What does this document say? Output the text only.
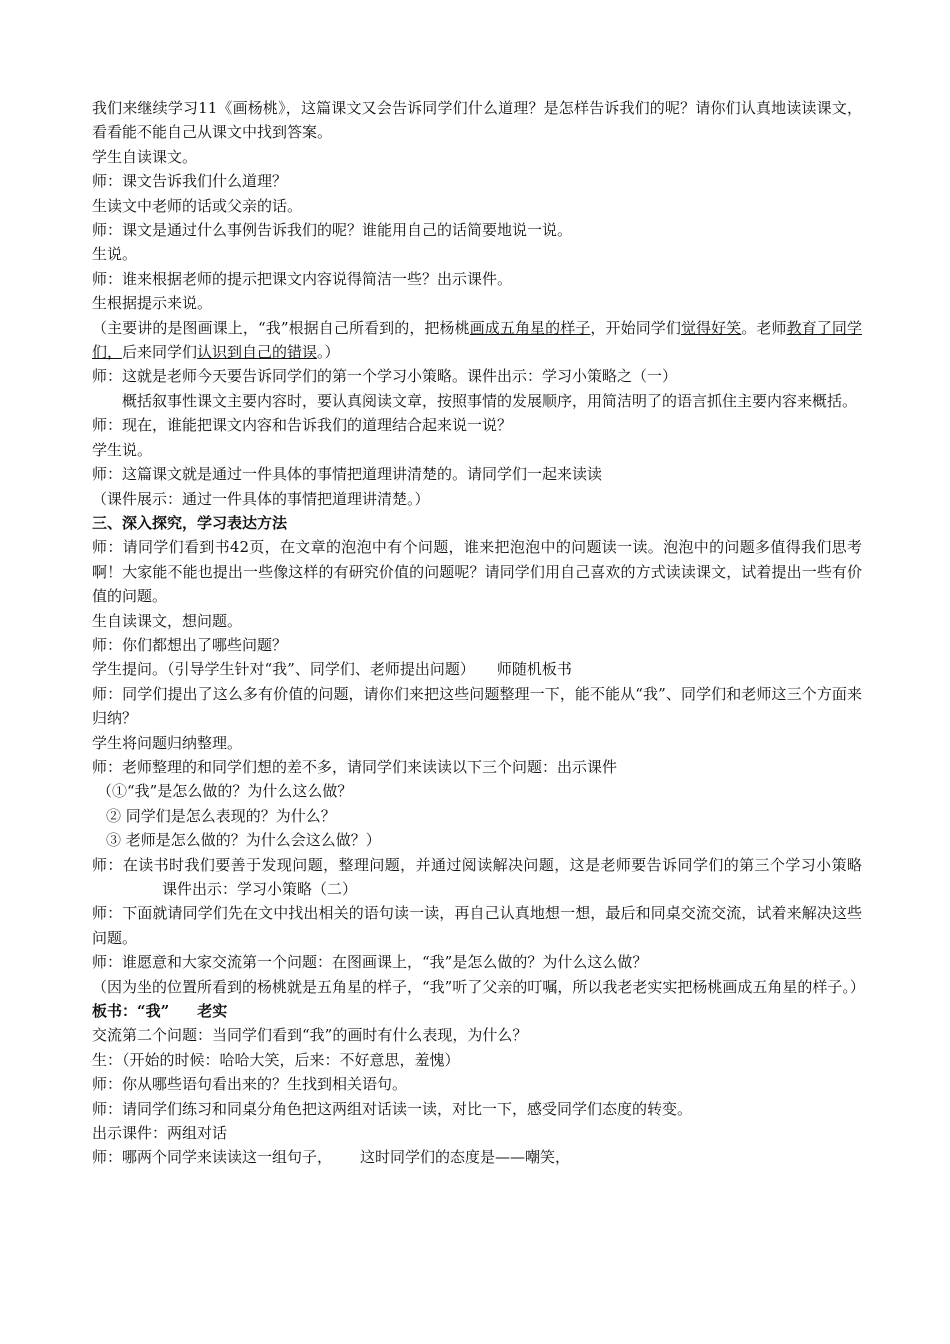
我们来继续学习11《画杨桃》，这篇课文又会告诉同学们什么道理？是怎样告诉我们的呢？请你们认真地读读课文，看看能不能自己从课文中找到答案。

学生自读课文。

师：课文告诉我们什么道理？

生读文中老师的话或父亲的话。

师：课文是通过什么事例告诉我们的呢？谁能用自己的话简要地说一说。

生说。

师：谁来根据老师的提示把课文内容说得简洁一些？出示课件。

生根据提示来说。

（主要讲的是图画课上，“我”根据自己所看到的，把杨桃画成五角星的样子，开始同学们觉得好笑。老师教育了同学们，后来同学们认识到自己的错误。）

师：这就是老师今天要告诉同学们的第一个学习小策略。课件出示：学习小策略之（一）

概括叙事性课文主要内容时，要认真阅读文章，按照事情的发展顺序，用简洁明了的语言抓住主要内容来概括。

师：现在，谁能把课文内容和告诉我们的道理结合起来说一说？

学生说。

师：这篇课文就是通过一件具体的事情把道理讲清楚的。请同学们一起来读读

（课件展示：通过一件具体的事情把道理讲清楚。）

三、深入探究，学习表达方法

师：请同学们看到书42页，在文章的泡泡中有个问题，谁来把泡泡中的问题读一读。泡泡中的问题多值得我们思考啊！大家能不能也提出一些像这样的有研究价值的问题呢？请同学们用自己喜欢的方式读读课文，试着提出一些有价值的问题。

生自读课文，想问题。

师：你们都想出了哪些问题？

学生提问。（引导学生针对“我”、同学们、老师提出问题） 师随机板书

师：同学们提出了这么多有价值的问题，请你们来把这些问题整理一下，能不能从“我”、同学们和老师这三个方面来归纳？

学生将问题归纳整理。

师：老师整理的和同学们想的差不多，请同学们来读读以下三个问题：出示课件

（①“我”是怎么做的？为什么这么做？

② 同学们是怎么表现的？为什么？

③ 老师是怎么做的？为什么会这么做？）

师：在读书时我们要善于发现问题，整理问题，并通过阅读解决问题，这是老师要告诉同学们的第三个学习小策略课件出示：学习小策略（二）

师：下面就请同学们先在文中找出相关的语句读一读，再自己认真地想一想，最后和同桌交流交流，试着来解决这些问题。

师：谁愿意和大家交流第一个问题：在图画课上，“我”是怎么做的？为什么这么做？

（因为坐的位置所看到的杨桃就是五角星的样子，“我”听了父亲的叮嘱，所以我老老实实把杨桃画成五角星的样子。）

板书：“我” 老实

交流第二个问题：当同学们看到“我”的画时有什么表现，为什么？

生：（开始的时候：哈哈大笑，后来：不好意思，羞愧）

师：你从哪些语句看出来的？生找到相关语句。

师：请同学们练习和同桌分角色把这两组对话读一读，对比一下，感受同学们态度的转变。

出示课件：两组对话

师：哪两个同学来读读这一组句子， 这时同学们的态度是——嘲笑，
